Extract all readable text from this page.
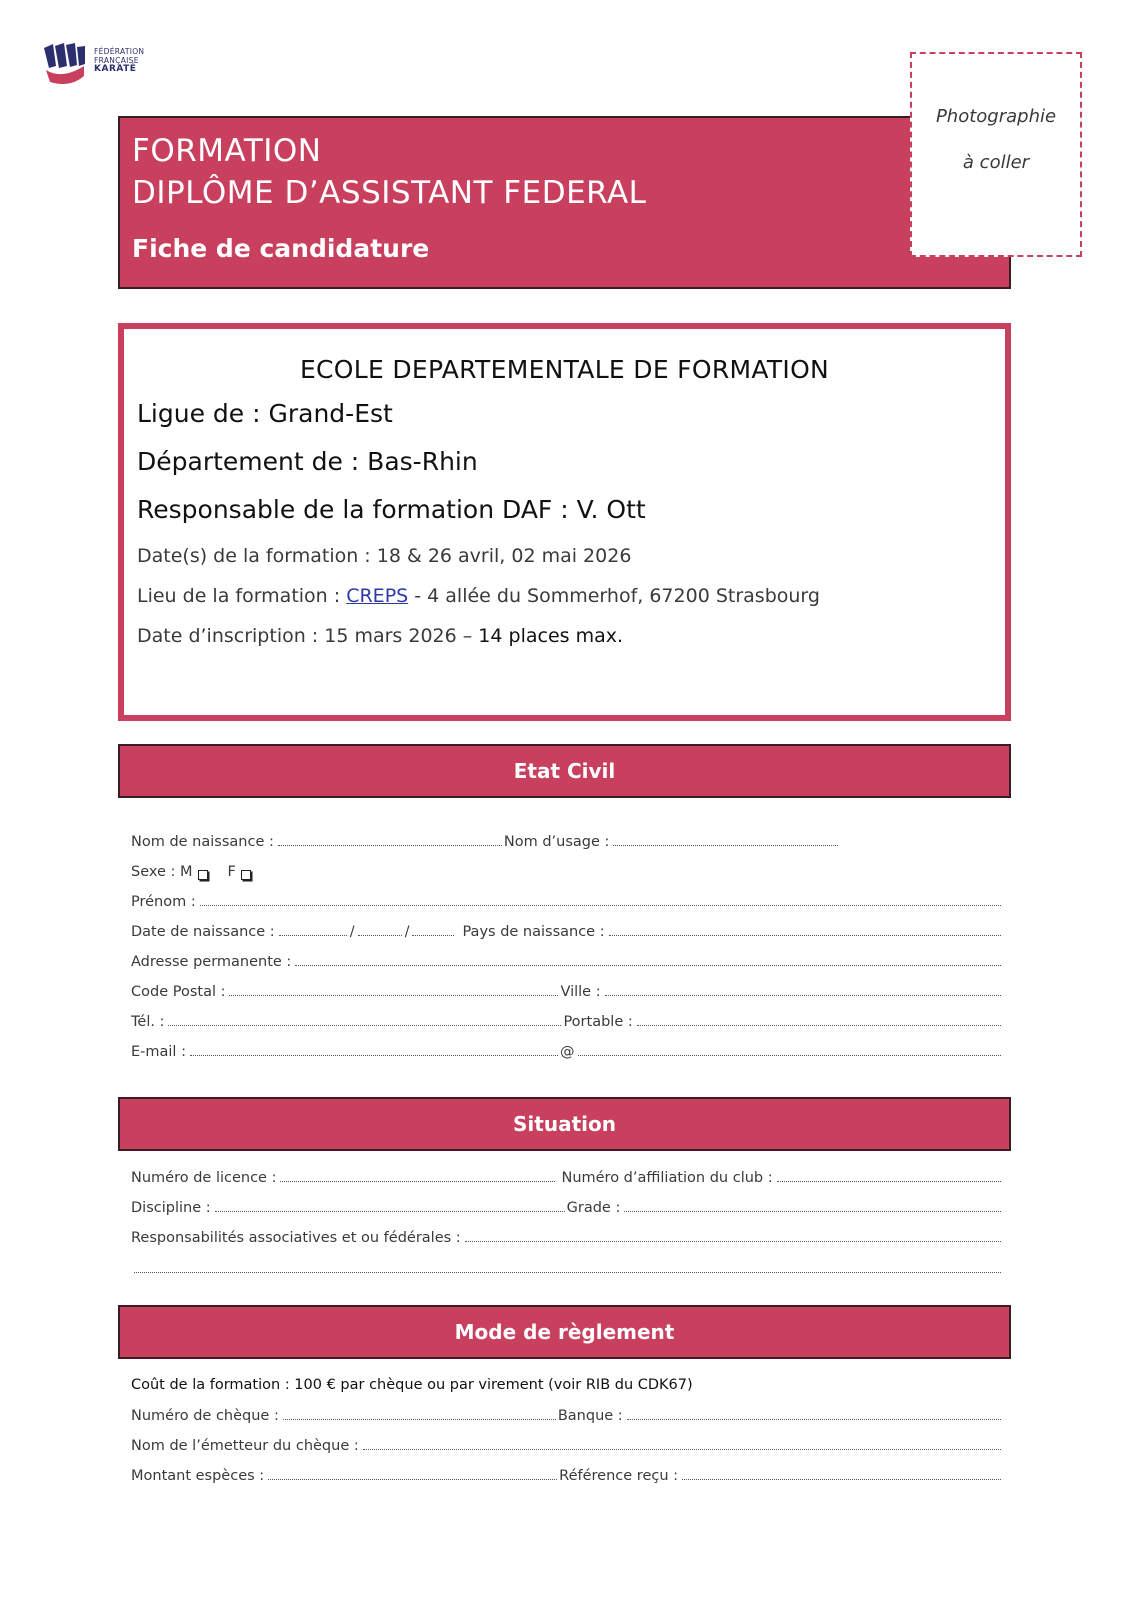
FÉDÉRATION
FRANÇAISE
KARATÉ
FORMATION
DIPLÔME D’ASSISTANT FEDERAL
Fiche de candidature
Photographie
à coller
ECOLE DEPARTEMENTALE DE FORMATION
Ligue de : Grand-Est
Département de : Bas-Rhin
Responsable de la formation DAF : V. Ott
Date(s) de la formation : 18 & 26 avril, 02 mai 2026
Lieu de la formation : CREPS - 4 allée du Sommerhof, 67200 Strasbourg
Date d’inscription : 15 mars 2026 – 14 places max.
Etat Civil
Nom de naissance :	Nom d’usage :
Sexe : M F
Prénom :
Date de naissance :	/	/	Pays de naissance :
Adresse permanente :
Code Postal :	Ville :
Tél. :	Portable :
E-mail :	@
Situation
Numéro de licence :	Numéro d’affiliation du club :
Discipline :	Grade :
Responsabilités associatives et ou fédérales :
Mode de règlement
Coût de la formation : 100 € par chèque ou par virement (voir RIB du CDK67)
Numéro de chèque :	Banque :
Nom de l’émetteur du chèque :
Montant espèces :	Référence reçu :
